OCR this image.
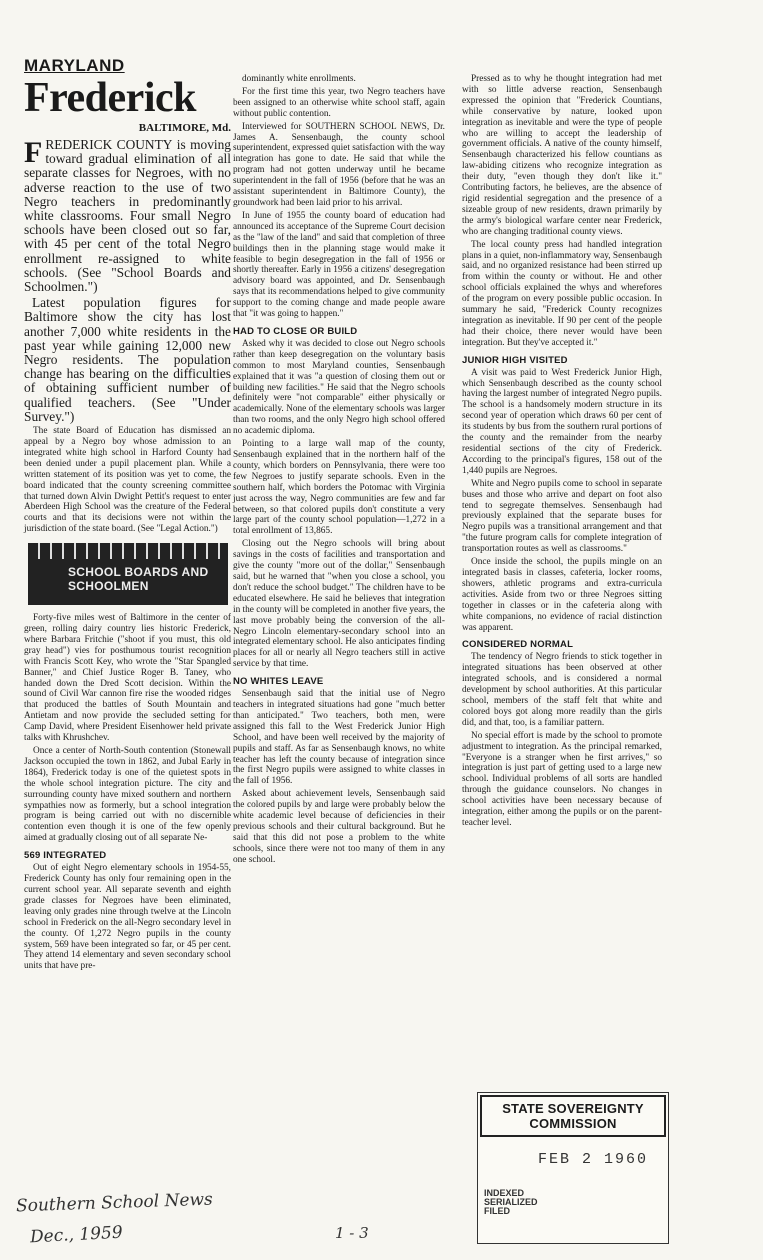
MARYLAND
Frederick
BALTIMORE, Md.

FREDERICK COUNTY is moving toward gradual elimination of all separate classes for Negroes, with no adverse reaction to the use of two Negro teachers in predominantly white classrooms. Four small Negro schools have been closed out so far, with 45 per cent of the total Negro enrollment re-assigned to white schools. (See "School Boards and Schoolmen.")

Latest population figures for Baltimore show the city has lost another 7,000 white residents in the past year while gaining 12,000 new Negro residents. The population change has bearing on the difficulties of obtaining sufficient number of qualified teachers. (See "Under Survey.")

The state Board of Education has dismissed an appeal by a Negro boy whose admission to an integrated white high school in Harford County had been denied under a pupil placement plan. While a written statement of its position was yet to come, the board indicated that the county screening committee that turned down Alvin Dwight Pettit's request to enter Aberdeen High School was the creature of the Federal courts and that its decisions were not within the jurisdiction of the state board. (See "Legal Action.")

SCHOOL BOARDS AND SCHOOLMEN

Forty-five miles west of Baltimore in the center of green, rolling dairy country lies historic Frederick, where Barbara Fritchie ("shoot if you must, this old gray head") vies for posthumous tourist recognition with Francis Scott Key, who wrote the "Star Spangled Banner," and Chief Justice Roger B. Taney, who handed down the Dred Scott decision. Within the sound of Civil War cannon fire rise the wooded ridges that produced the battles of South Mountain and Antietam and now provide the secluded setting for Camp David, where President Eisenhower held private talks with Khrushchev.

Once a center of North-South contention (Stonewall Jackson occupied the town in 1862, and Jubal Early in 1864), Frederick today is one of the quietest spots in the whole school integration picture. The city and surrounding county have mixed southern and northern sympathies now as formerly, but a school integration program is being carried out with no discernible contention even though it is one of the few openly aimed at gradually closing out of all separate Ne-

569 INTEGRATED

Out of eight Negro elementary schools in 1954-55, Frederick County has only four remaining open in the current school year. All separate seventh and eighth grade classes for Negroes have been eliminated, leaving only grades nine through twelve at the Lincoln school in Frederick on the all-Negro secondary level in the county. Of 1,272 Negro pupils in the county system, 569 have been integrated so far, or 45 per cent. They attend 14 elementary and seven secondary school units that have pre-

dominantly white enrollments.

For the first time this year, two Negro teachers have been assigned to an otherwise white school staff, again without public contention.

Interviewed for SOUTHERN SCHOOL NEWS, Dr. James A. Sensenbaugh, the county school superintendent, expressed quiet satisfaction with the way integration has gone to date. He said that while the program had not gotten underway until he became superintendent in the fall of 1956 (before that he was an assistant superintendent in Baltimore County), the groundwork had been laid prior to his arrival.

In June of 1955 the county board of education had announced its acceptance of the Supreme Court decision as the "law of the land" and said that completion of three buildings then in the planning stage would make it feasible to begin desegregation in the fall of 1956 or shortly thereafter. Early in 1956 a citizens' desegregation advisory board was appointed, and Dr. Sensenbaugh says that its recommendations helped to give community support to the coming change and made people aware that "it was going to happen."

HAD TO CLOSE OR BUILD

Asked why it was decided to close out Negro schools rather than keep desegregation on the voluntary basis common to most Maryland counties, Sensenbaugh explained that it was "a question of closing them out or building new facilities." He said that the Negro schools definitely were "not comparable" either physically or academically. None of the elementary schools was larger than two rooms, and the only Negro high school offered no academic diploma.

Pointing to a large wall map of the county, Sensenbaugh explained that in the northern half of the county, which borders on Pennsylvania, there were too few Negroes to justify separate schools. Even in the southern half, which borders the Potomac with Virginia just across the way, Negro communities are few and far between, so that colored pupils don't constitute a very large part of the county school population—1,272 in a total enrollment of 13,865.

Closing out the Negro schools will bring about savings in the costs of facilities and transportation and give the county "more out of the dollar," Sensenbaugh said, but he warned that "when you close a school, you don't reduce the school budget." The children have to be educated elsewhere. He said he believes that integration in the county will be completed in another five years, the last move probably being the conversion of the all-Negro Lincoln elementary-secondary school into an integrated elementary school. He also anticipates finding places for all or nearly all Negro teachers still in active service by that time.

NO WHITES LEAVE

Sensenbaugh said that the initial use of Negro teachers in integrated situations had gone "much better than anticipated." Two teachers, both men, were assigned this fall to the West Frederick Junior High School, and have been well received by the majority of pupils and staff. As far as Sensenbaugh knows, no white teacher has left the county because of integration since the first Negro pupils were assigned to white classes in the fall of 1956.

Asked about achievement levels, Sensenbaugh said the colored pupils by and large were probably below the white academic level because of deficiencies in their previous schools and their cultural background. But he said that this did not pose a problem to the white schools, since there were not too many of them in any one school.

Pressed as to why he thought integration had met with so little adverse reaction, Sensenbaugh expressed the opinion that "Frederick Countians, while conservative by nature, looked upon integration as inevitable and were the type of people who are willing to accept the leadership of government officials. A native of the county himself, Sensenbaugh characterized his fellow countians as law-abiding citizens who recognize integration as their duty, "even though they don't like it." Contributing factors, he believes, are the absence of rigid residential segregation and the presence of a sizeable group of new residents, drawn primarily by the army's biological warfare center near Frederick, who are changing traditional county views.

The local county press had handled integration plans in a quiet, non-inflammatory way, Sensenbaugh said, and no organized resistance had been stirred up from within the county or without. He and other school officials explained the whys and wherefores of the program on every possible public occasion. In summary he said, "Frederick County recognizes integration as inevitable. If 90 per cent of the people had their choice, there never would have been integration. But they've accepted it."

JUNIOR HIGH VISITED

A visit was paid to West Frederick Junior High, which Sensenbaugh described as the county school having the largest number of integrated Negro pupils. The school is a handsomely modern structure in its second year of operation which draws 60 per cent of its students by bus from the southern rural portions of the county and the remainder from the nearby residential sections of the city of Frederick. According to the principal's figures, 158 out of the 1,440 pupils are Negroes.

White and Negro pupils come to school in separate buses and those who arrive and depart on foot also tend to segregate themselves. Sensenbaugh had previously explained that the separate buses for Negro pupils was a transitional arrangement and that "the future program calls for complete integration of transportation routes as well as classrooms."

Once inside the school, the pupils mingle on an integrated basis in classes, cafeteria, locker rooms, showers, athletic programs and extra-curricula activities. Aside from two or three Negroes sitting together in classes or in the cafeteria along with white companions, no evidence of racial distinction was apparent.

CONSIDERED NORMAL

The tendency of Negro friends to stick together in integrated situations has been observed at other integrated schools, and is considered a normal development by school authorities. At this particular school, members of the staff felt that white and colored boys got along more readily than the girls did, and that, too, is a familiar pattern.

No special effort is made by the school to promote adjustment to integration. As the principal remarked, "Everyone is a stranger when he first arrives," so integration is just part of getting used to a large new school. Individual problems of all sorts are handled through the guidance counselors. No changes in school activities have been necessary because of integration, either among the pupils or on the parent-teacher level.

STATE SOVEREIGNTY COMMISSION
FEB 2 1960
INDEXED
SERIALIZED
FILED
Southern School News
Dec., 1959	1 - 3
